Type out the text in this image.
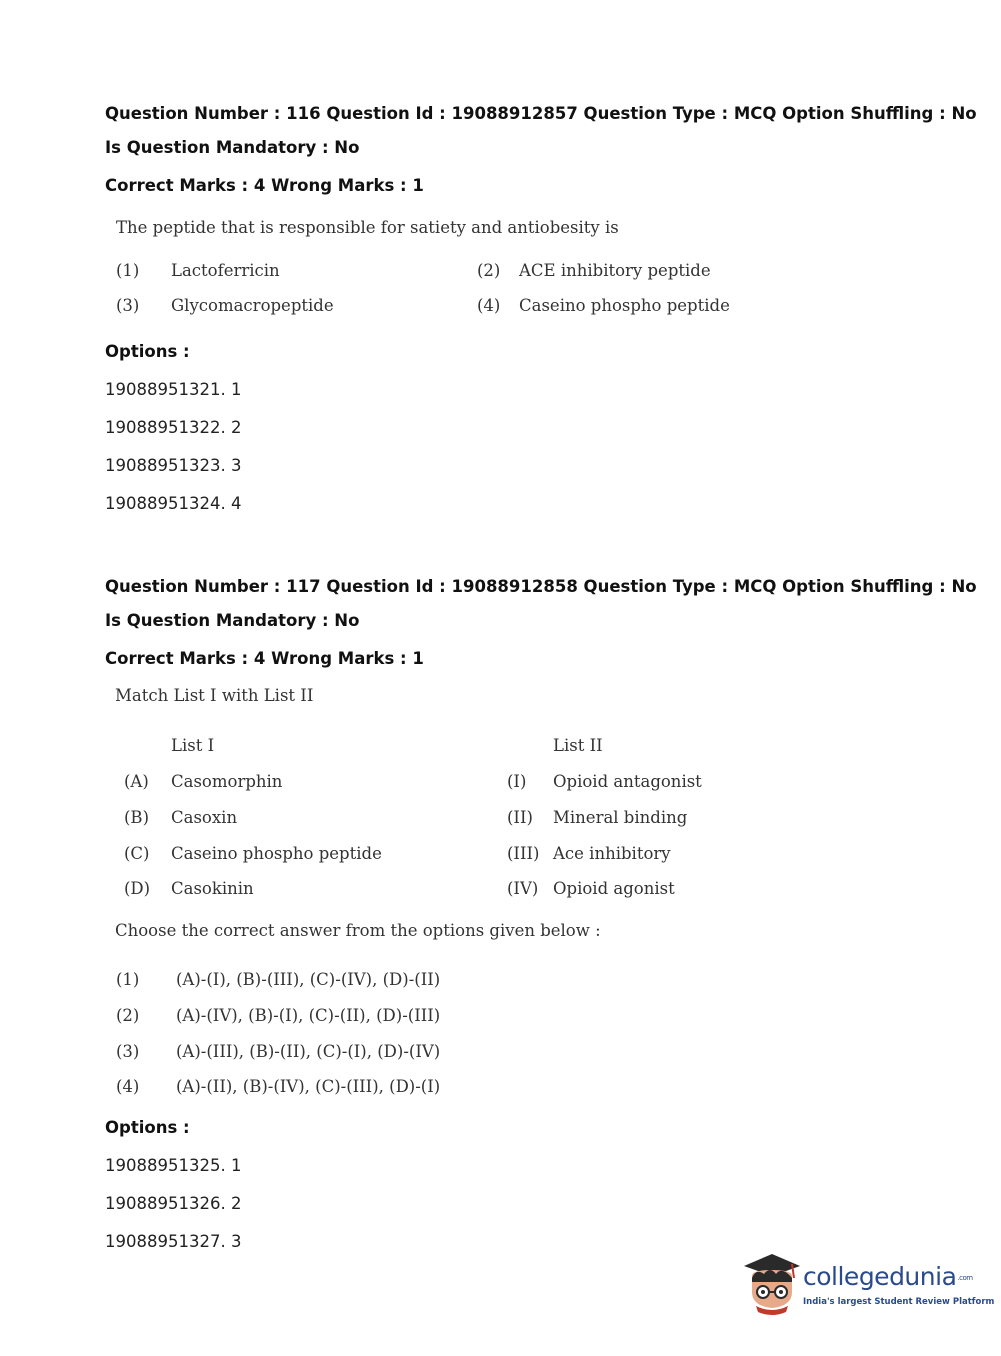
Question Number : 116 Question Id : 19088912857 Question Type : MCQ Option Shuffling : No
Is Question Mandatory : No
Correct Marks : 4 Wrong Marks : 1
The peptide that is responsible for satiety and antiobesity is
(1) Lactoferricin	(2) ACE inhibitory peptide
(3) Glycomacropeptide	(4) Caseino phospho peptide
Options :
19088951321. 1
19088951322. 2
19088951323. 3
19088951324. 4
Question Number : 117 Question Id : 19088912858 Question Type : MCQ Option Shuffling : No
Is Question Mandatory : No
Correct Marks : 4 Wrong Marks : 1
Match List I with List II
List I	List II
(A) Casomorphin	(I) Opioid antagonist
(B) Casoxin	(II) Mineral binding
(C) Caseino phospho peptide	(III) Ace inhibitory
(D) Casokinin	(IV) Opioid agonist
Choose the correct answer from the options given below :
(1) (A)-(I), (B)-(III), (C)-(IV), (D)-(II)
(2) (A)-(IV), (B)-(I), (C)-(II), (D)-(III)
(3) (A)-(III), (B)-(II), (C)-(I), (D)-(IV)
(4) (A)-(II), (B)-(IV), (C)-(III), (D)-(I)
Options :
19088951325. 1
19088951326. 2
19088951327. 3
collegedunia.com
India's largest Student Review Platform
